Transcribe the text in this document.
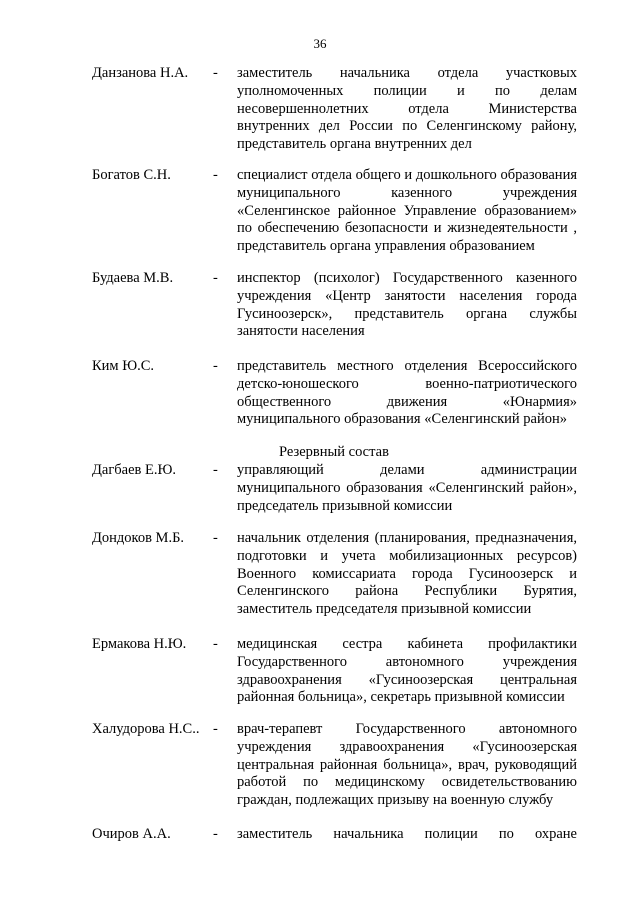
36
Данзанова Н.А. - заместитель начальника отдела участковых уполномоченных полиции и по делам несовершеннолетних отдела Министерства внутренних дел России по Селенгинскому району, представитель органа внутренних дел
Богатов С.Н.	- специалист отдела общего и дошкольного образования муниципального казенного учреждения «Селенгинское районное Управление образованием» по обеспечению безопасности и жизнедеятельности , представитель органа управления образованием
Будаева М.В.	- инспектор (психолог) Государственного казенного учреждения «Центр занятости населения города Гусиноозерск», представитель органа службы занятости населения
Ким Ю.С.	- представитель местного отделения Всероссийского детско-юношеского военно-патриотического общественного движения «Юнармия» муниципального образования «Селенгинский район»
Резервный состав
Дагбаев Е.Ю.	- управляющий делами администрации муниципального образования «Селенгинский район», председатель призывной комиссии
Дондоков М.Б. - начальник отделения (планирования, предназначения, подготовки и учета мобилизационных ресурсов) Военного комиссариата города Гусиноозерск и Селенгинского района Республики Бурятия, заместитель председателя призывной комиссии
Ермакова Н.Ю. - медицинская сестра кабинета профилактики Государственного автономного учреждения здравоохранения «Гусиноозерская центральная районная больница», секретарь призывной комиссии
Халудорова Н.С.. - врач-терапевт Государственного автономного учреждения здравоохранения «Гусиноозерская центральная районная больница», врач, руководящий работой по медицинскому освидетельствованию граждан, подлежащих призыву на военную службу
Очиров А.А.	- заместитель начальника полиции по охране
